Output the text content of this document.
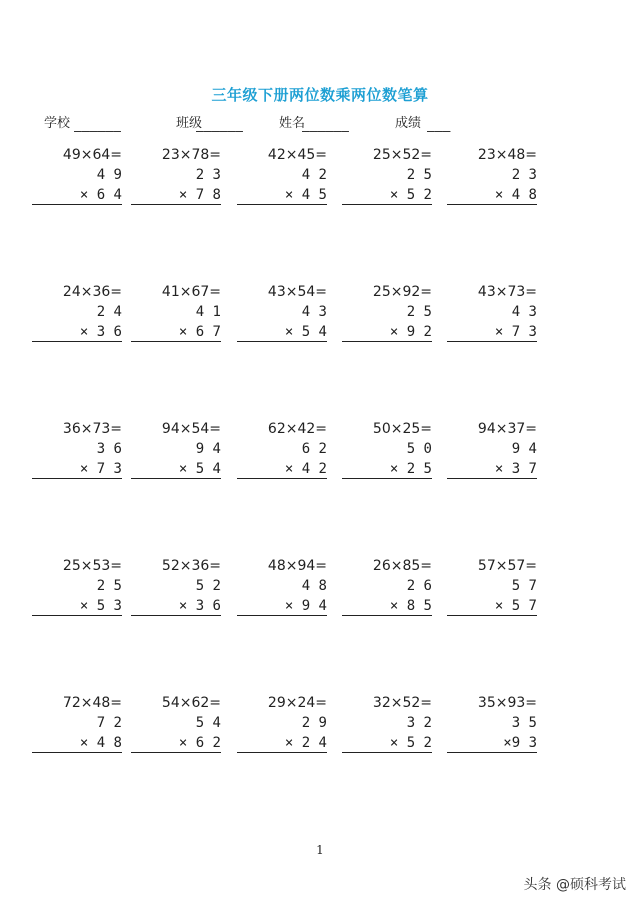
三年级下册两位数乘两位数笔算
学校
——————
班级
——————
姓名
——————
成绩
———
49×64=
4 9
× 6 4
23×78=
2 3
× 7 8
42×45=
4 2
× 4 5
25×52=
2 5
× 5 2
23×48=
2 3
× 4 8
24×36=
2 4
× 3 6
41×67=
4 1
× 6 7
43×54=
4 3
× 5 4
25×92=
2 5
× 9 2
43×73=
4 3
× 7 3
36×73=
3 6
× 7 3
94×54=
9 4
× 5 4
62×42=
6 2
× 4 2
50×25=
5 0
× 2 5
94×37=
9 4
× 3 7
25×53=
2 5
× 5 3
52×36=
5 2
× 3 6
48×94=
4 8
× 9 4
26×85=
2 6
× 8 5
57×57=
5 7
× 5 7
72×48=
7 2
× 4 8
54×62=
5 4
× 6 2
29×24=
2 9
× 2 4
32×52=
3 2
× 5 2
35×93=
3 5
×9 3
1
头条 @硕科考试
